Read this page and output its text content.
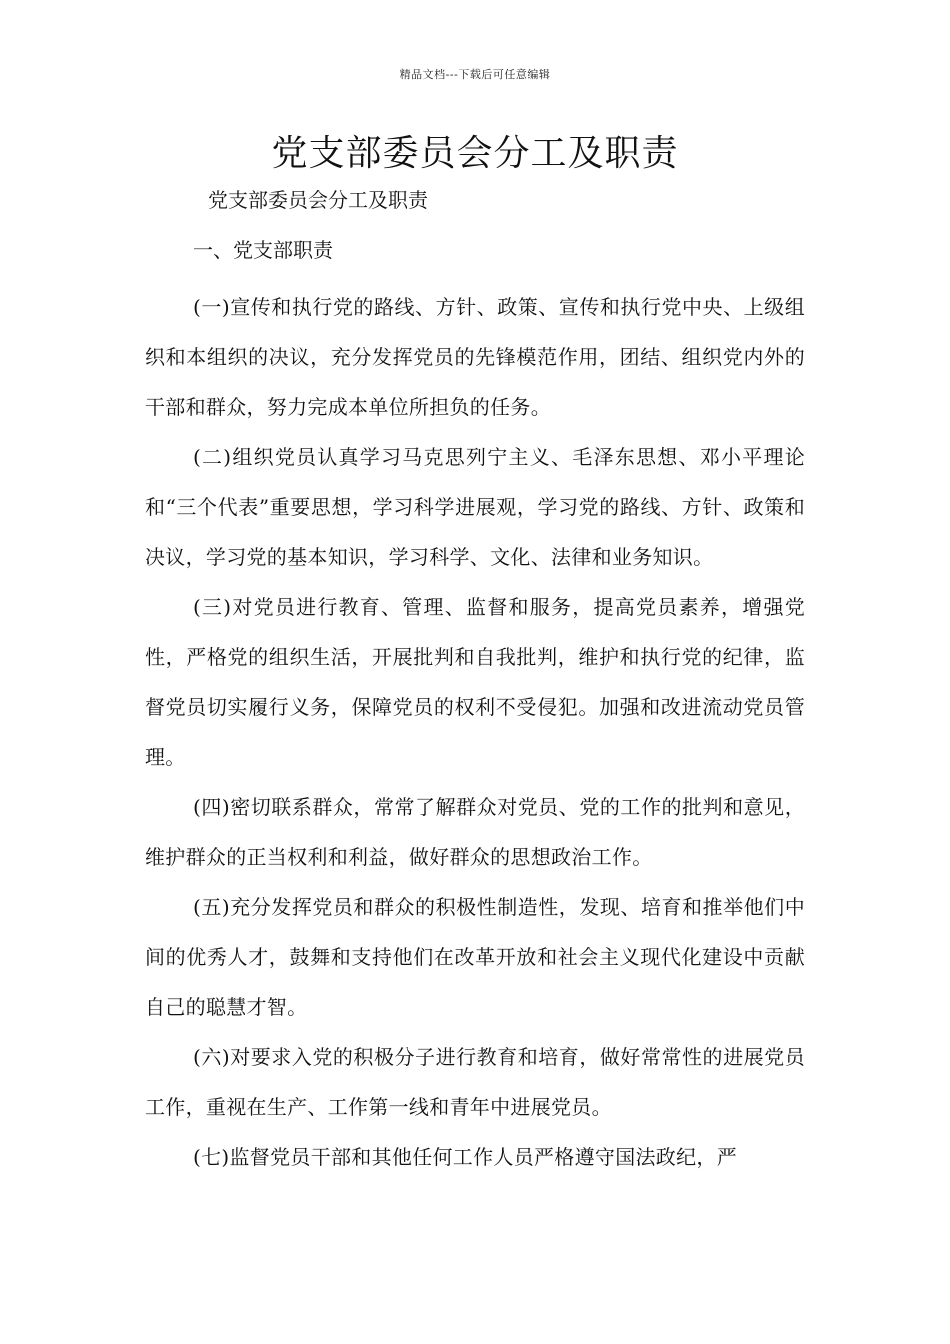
精品文档---下载后可任意编辑
党支部委员会分工及职责
党支部委员会分工及职责
一、党支部职责

(一)宣传和执行党的路线、方针、政策、宣传和执行党中央、上级组织和本组织的决议，充分发挥党员的先锋模范作用，团结、组织党内外的干部和群众，努力完成本单位所担负的任务。

(二)组织党员认真学习马克思列宁主义、毛泽东思想、邓小平理论和“三个代表”重要思想，学习科学进展观，学习党的路线、方针、政策和决议，学习党的基本知识，学习科学、文化、法律和业务知识。

(三)对党员进行教育、管理、监督和服务，提高党员素养，增强党性，严格党的组织生活，开展批判和自我批判，维护和执行党的纪律，监督党员切实履行义务，保障党员的权利不受侵犯。加强和改进流动党员管理。

(四)密切联系群众，常常了解群众对党员、党的工作的批判和意见，维护群众的正当权利和利益，做好群众的思想政治工作。

(五)充分发挥党员和群众的积极性制造性，发现、培育和推举他们中间的优秀人才，鼓舞和支持他们在改革开放和社会主义现代化建设中贡献自己的聪慧才智。

(六)对要求入党的积极分子进行教育和培育，做好常常性的进展党员工作，重视在生产、工作第一线和青年中进展党员。

(七)监督党员干部和其他任何工作人员严格遵守国法政纪，严
